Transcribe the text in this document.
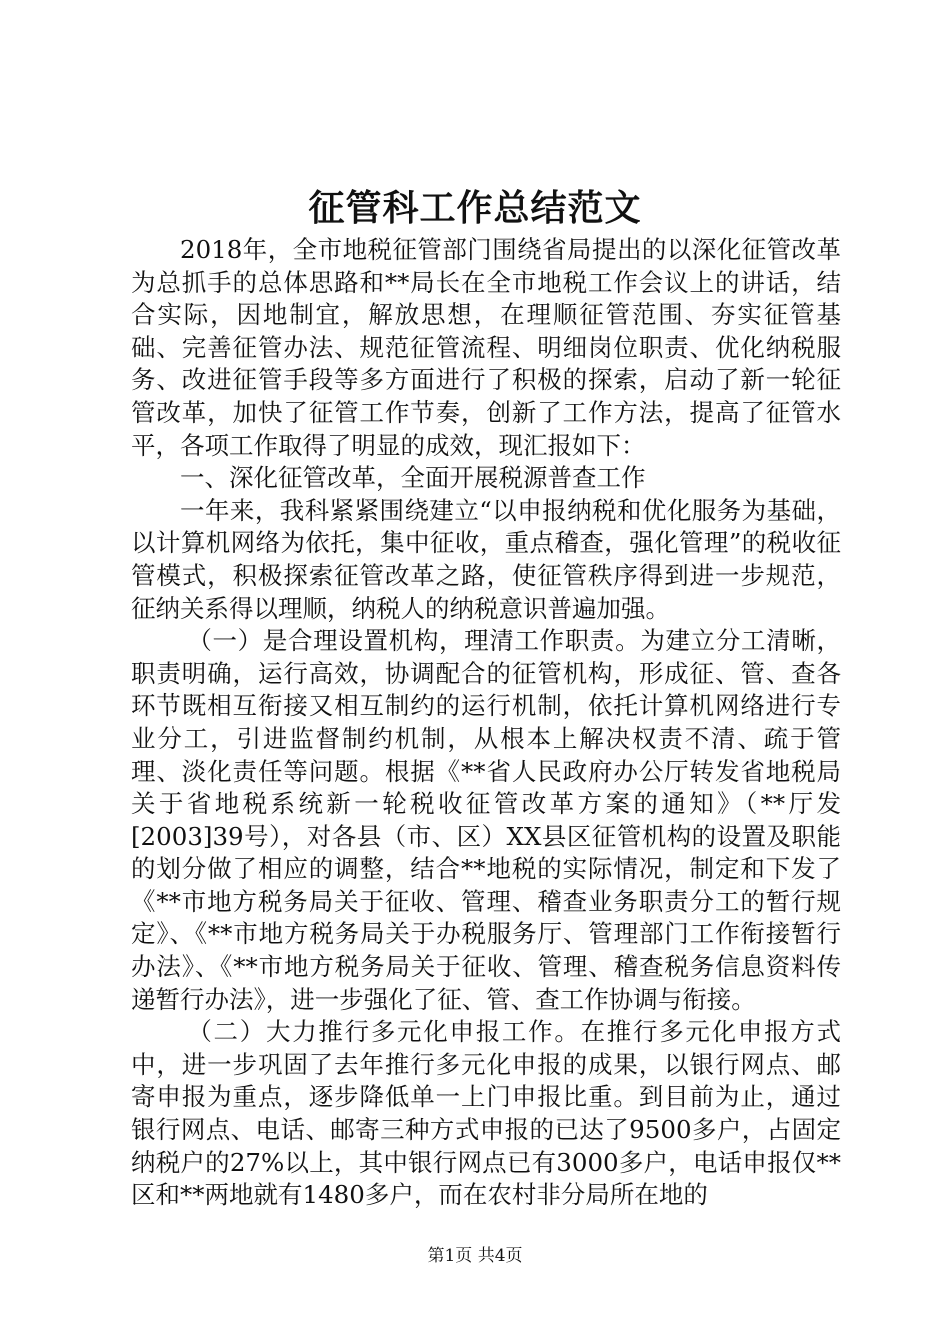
征管科工作总结范文

2018年，全市地税征管部门围绕省局提出的以深化征管改革为总抓手的总体思路和**局长在全市地税工作会议上的讲话，结合实际，因地制宜，解放思想，在理顺征管范围、夯实征管基础、完善征管办法、规范征管流程、明细岗位职责、优化纳税服务、改进征管手段等多方面进行了积极的探索，启动了新一轮征管改革，加快了征管工作节奏，创新了工作方法，提高了征管水平，各项工作取得了明显的成效，现汇报如下：

一、深化征管改革，全面开展税源普查工作

一年来，我科紧紧围绕建立“以申报纳税和优化服务为基础，以计算机网络为依托，集中征收，重点稽查，强化管理”的税收征管模式，积极探索征管改革之路，使征管秩序得到进一步规范，征纳关系得以理顺，纳税人的纳税意识普遍加强。

（一）是合理设置机构，理清工作职责。为建立分工清晰，职责明确，运行高效，协调配合的征管机构，形成征、管、查各环节既相互衔接又相互制约的运行机制，依托计算机网络进行专业分工，引进监督制约机制，从根本上解决权责不清、疏于管理、淡化责任等问题。根据《**省人民政府办公厅转发省地税局关于省地税系统新一轮税收征管改革方案的通知》（**厅发[2003]39号），对各县（市、区）XX县区征管机构的设置及职能的划分做了相应的调整，结合**地税的实际情况，制定和下发了《**市地方税务局关于征收、管理、稽查业务职责分工的暂行规定》、《**市地方税务局关于办税服务厅、管理部门工作衔接暂行办法》、《**市地方税务局关于征收、管理、稽查税务信息资料传递暂行办法》，进一步强化了征、管、查工作协调与衔接。

（二）大力推行多元化申报工作。在推行多元化申报方式中，进一步巩固了去年推行多元化申报的成果，以银行网点、邮寄申报为重点，逐步降低单一上门申报比重。到目前为止，通过银行网点、电话、邮寄三种方式申报的已达了9500多户，占固定纳税户的27%以上，其中银行网点已有3000多户，电话申报仅**区和**两地就有1480多户，而在农村非分局所在地的

第1页 共4页
